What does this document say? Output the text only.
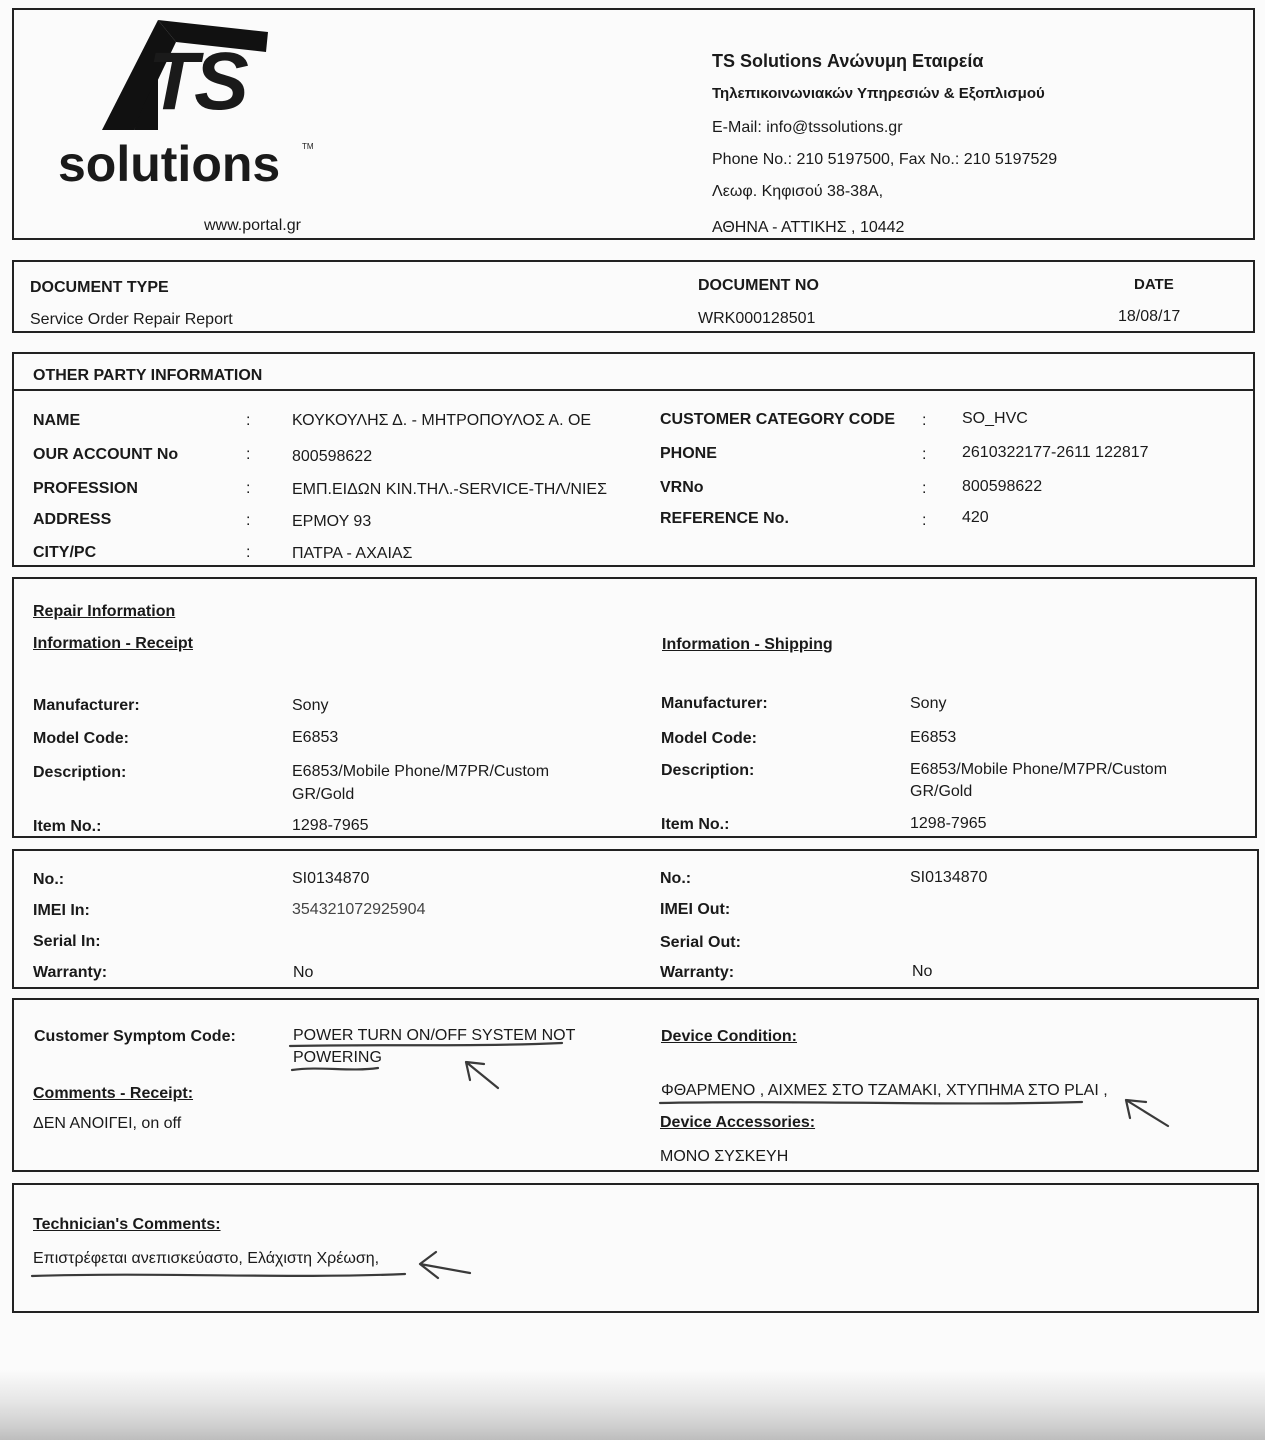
TS
solutions	TM
www.portal.gr
TS Solutions Ανώνυμη Εταιρεία
Τηλεπικοινωνιακών Υπηρεσιών & Εξοπλισμού
E-Mail: info@tssolutions.gr
Phone No.: 210 5197500, Fax No.: 210 5197529
Λεωφ. Κηφισού 38-38Α,
ΑΘΗΝΑ - ΑΤΤΙΚΗΣ , 10442
DOCUMENT TYPE
Service Order Repair Report
DOCUMENT NO
WRK000128501
DATE
18/08/17
OTHER PARTY INFORMATION
NAME	:	ΚΟΥΚΟΥΛΗΣ Δ. - ΜΗΤΡΟΠΟΥΛΟΣ Α. ΟΕ
OUR ACCOUNT No	:	800598622
PROFESSION	:	ΕΜΠ.ΕΙΔΩΝ ΚΙΝ.ΤΗΛ.-SERVICE-ΤΗΛ/ΝΙΕΣ
ADDRESS	:	ΕΡΜΟΥ 93
CITY/PC	:	ΠΑΤΡΑ - ΑΧΑΙΑΣ
CUSTOMER CATEGORY CODE : SO_HVC
PHONE	: 2610322177-2611 122817
VRNo	: 800598622
REFERENCE No.	: 420
Repair Information
Information - Receipt	Information - Shipping
Manufacturer:	Sony
Model Code:	E6853
Description:	E6853/Mobile Phone/M7PR/Custom
GR/Gold
Item No.:	1298-7965
Manufacturer:	Sony
Model Code:	E6853
Description:	E6853/Mobile Phone/M7PR/Custom
GR/Gold
Item No.:	1298-7965
No.:	SI0134870
IMEI In:	354321072925904
Serial In:
Warranty:	No
No.:	SI0134870
IMEI Out:
Serial Out:
Warranty:	No
Customer Symptom Code:	POWER TURN ON/OFF SYSTEM NOT
POWERING
Comments - Receipt:
ΔΕΝ ΑΝΟΙΓΕΙ, on off
Device Condition:
ΦΘΑΡΜΕΝΟ , ΑΙΧΜΕΣ ΣΤΟ ΤΖΑΜΑΚΙ, ΧΤΥΠΗΜΑ ΣΤΟ PLAI ,
Device Accessories:
ΜΟΝΟ ΣΥΣΚΕΥΗ
Technician's Comments:
Επιστρέφεται ανεπισκεύαστο, Ελάχιστη Χρέωση,
